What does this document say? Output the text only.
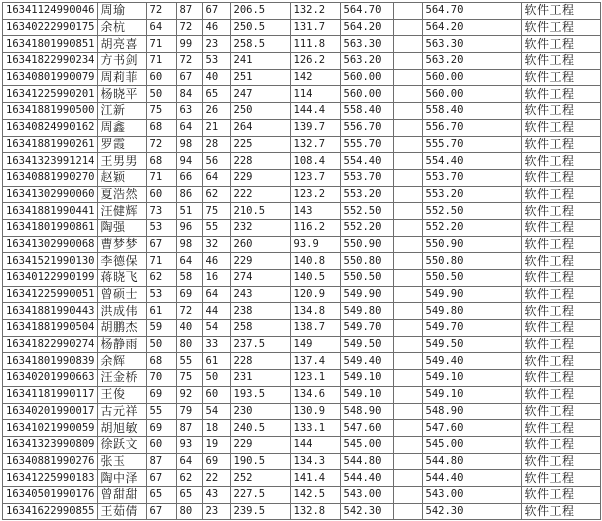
16341124990046	周瑜	72	87	67	206.5	132.2	564.70		564.70	软件工程
16340222990175	余杭	64	72	46	250.5	131.7	564.20		564.20	软件工程
16341801990851	胡亮喜	71	99	23	258.5	111.8	563.30		563.30	软件工程
16341822990234	方书剑	71	72	53	241	126.2	563.20		563.20	软件工程
16340801990079	周莉菲	60	67	40	251	142	560.00		560.00	软件工程
16341225990201	杨晓平	50	84	65	247	114	560.00		560.00	软件工程
16341881990500	江新	75	63	26	250	144.4	558.40		558.40	软件工程
16340824990162	周鑫	68	64	21	264	139.7	556.70		556.70	软件工程
16341881990261	罗霞	72	98	28	225	132.7	555.70		555.70	软件工程
16341323991214	王男男	68	94	56	228	108.4	554.40		554.40	软件工程
16340881990270	赵颖	71	66	64	229	123.7	553.70		553.70	软件工程
16341302990060	夏浩然	60	86	62	222	123.2	553.20		553.20	软件工程
16341881990441	汪健辉	73	51	75	210.5	143	552.50		552.50	软件工程
16341801990861	陶强	53	96	55	232	116.2	552.20		552.20	软件工程
16341302990068	曹梦梦	67	98	32	260	93.9	550.90		550.90	软件工程
16341521990130	李德保	71	64	46	229	140.8	550.80		550.80	软件工程
16340122990199	蒋晓飞	62	58	16	274	140.5	550.50		550.50	软件工程
16341225990051	曾硕士	53	69	64	243	120.9	549.90		549.90	软件工程
16341881990443	洪成伟	61	72	44	238	134.8	549.80		549.80	软件工程
16341881990504	胡鹏杰	59	40	54	258	138.7	549.70		549.70	软件工程
16341822990274	杨静雨	50	80	33	237.5	149	549.50		549.50	软件工程
16341801990839	余辉	68	55	61	228	137.4	549.40		549.40	软件工程
16340201990663	汪金桥	70	75	50	231	123.1	549.10		549.10	软件工程
16341181990117	王俊	69	92	60	193.5	134.6	549.10		549.10	软件工程
16340201990017	古元祥	55	79	54	230	130.9	548.90		548.90	软件工程
16341021990059	胡旭敏	69	87	18	240.5	133.1	547.60		547.60	软件工程
16341323990809	徐跃文	60	93	19	229	144	545.00		545.00	软件工程
16340881990276	张玉	87	64	69	190.5	134.3	544.80		544.80	软件工程
16341225990183	陶中泽	67	62	22	252	141.4	544.40		544.40	软件工程
16340501990176	曾甜甜	65	65	43	227.5	142.5	543.00		543.00	软件工程
16341622990855	王茹倩	67	80	23	239.5	132.8	542.30		542.30	软件工程
